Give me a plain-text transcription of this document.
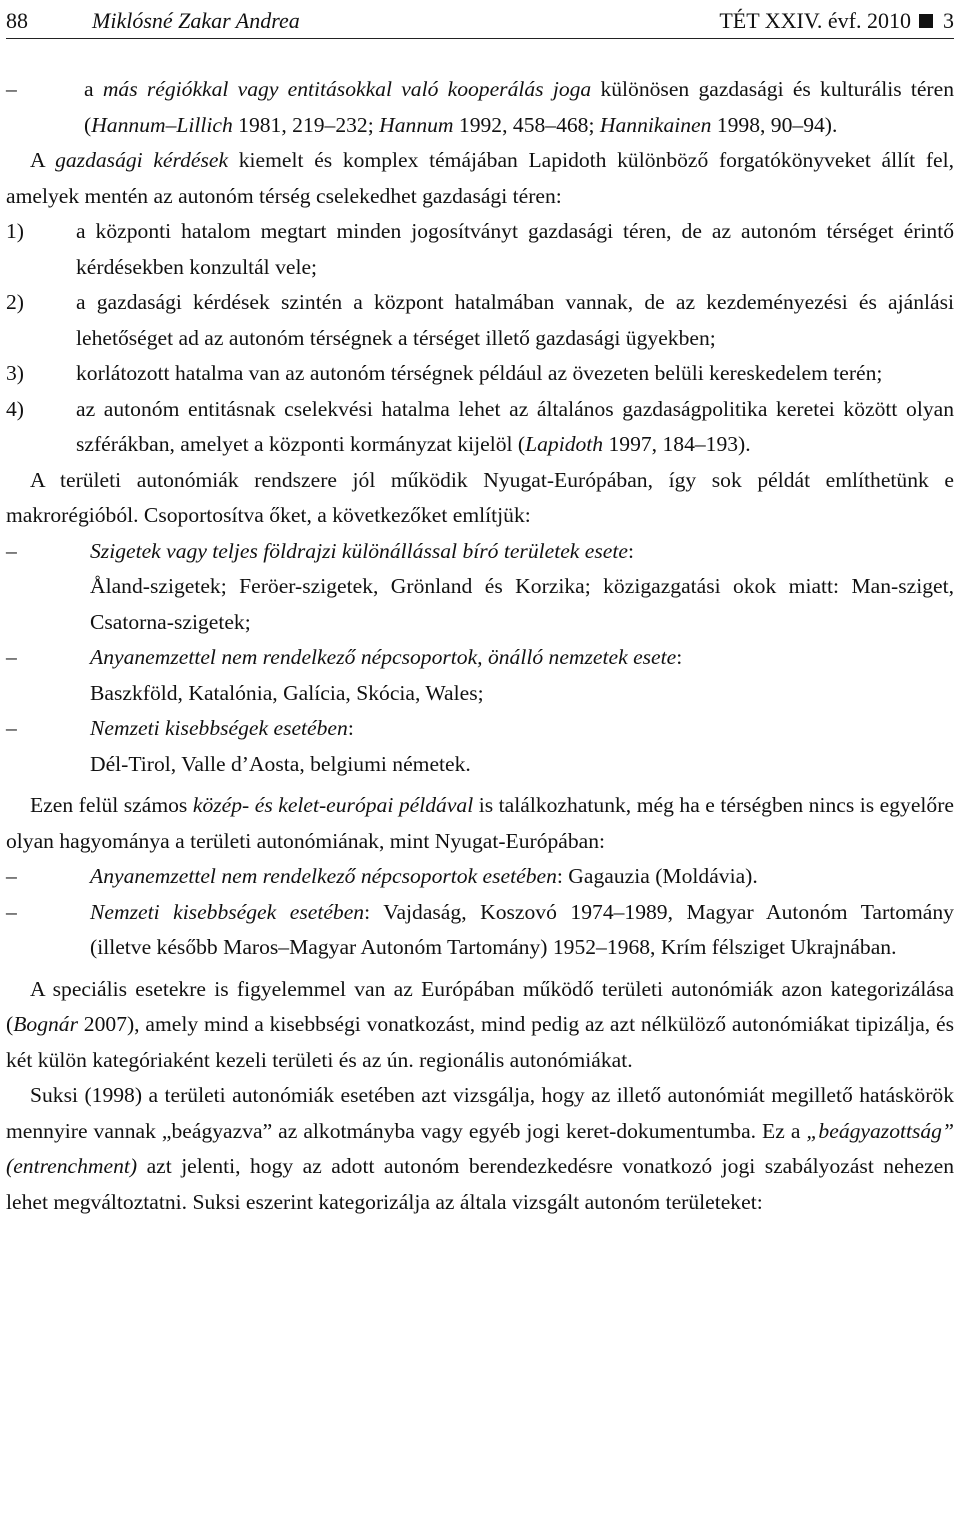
88	Miklósné Zakar Andrea	TÉT XXIV. évf. 2010 3
–	a más régiókkal vagy entitásokkal való kooperálás joga különösen gazdasági és kulturális téren (Hannum–Lillich 1981, 219–232; Hannum 1992, 458–468; Hannikainen 1998, 90–94).

A gazdasági kérdések kiemelt és komplex témájában Lapidoth különböző forgatókönyveket állít fel, amelyek mentén az autonóm térség cselekedhet gazdasági téren:

1)	a központi hatalom megtart minden jogosítványt gazdasági téren, de az autonóm térséget érintő kérdésekben konzultál vele;
2)	a gazdasági kérdések szintén a központ hatalmában vannak, de az kezdeményezési és ajánlási lehetőséget ad az autonóm térségnek a térséget illető gazdasági ügyekben;
3)	korlátozott hatalma van az autonóm térségnek például az övezeten belüli kereskedelem terén;
4)	az autonóm entitásnak cselekvési hatalma lehet az általános gazdaságpolitika keretei között olyan szférákban, amelyet a központi kormányzat kijelöl (Lapidoth 1997, 184–193).

A területi autonómiák rendszere jól működik Nyugat-Európában, így sok példát említhetünk e makrorégióból. Csoportosítva őket, a következőket említjük:

–	Szigetek vagy teljes földrajzi különállással bíró területek esete:
Åland-szigetek; Feröer-szigetek, Grönland és Korzika; közigazgatási okok miatt: Man-sziget, Csatorna-szigetek;
–	Anyanemzettel nem rendelkező népcsoportok, önálló nemzetek esete:
Baszkföld, Katalónia, Galícia, Skócia, Wales;
–	Nemzeti kisebbségek esetében:
Dél-Tirol, Valle d’Aosta, belgiumi németek.

Ezen felül számos közép- és kelet-európai példával is találkozhatunk, még ha e térségben nincs is egyelőre olyan hagyománya a területi autonómiának, mint Nyugat-Európában:

–	Anyanemzettel nem rendelkező népcsoportok esetében: Gagauzia (Moldávia).
–	Nemzeti kisebbségek esetében: Vajdaság, Koszovó 1974–1989, Magyar Autonóm Tartomány (illetve később Maros–Magyar Autonóm Tartomány) 1952–1968, Krím félsziget Ukrajnában.

A speciális esetekre is figyelemmel van az Európában működő területi autonómiák azon kategorizálása (Bognár 2007), amely mind a kisebbségi vonatkozást, mind pedig az azt nélkülöző autonómiákat tipizálja, és két külön kategóriaként kezeli területi és az ún. regionális autonómiákat.

Suksi (1998) a területi autonómiák esetében azt vizsgálja, hogy az illető autonómiát megillető hatáskörök mennyire vannak „beágyazva” az alkotmányba vagy egyéb jogi keret-dokumentumba. Ez a „beágyazottság” (entrenchment) azt jelenti, hogy az adott autonóm berendezkedésre vonatkozó jogi szabályozást nehezen lehet megváltoztatni. Suksi eszerint kategorizálja az általa vizsgált autonóm területeket:
